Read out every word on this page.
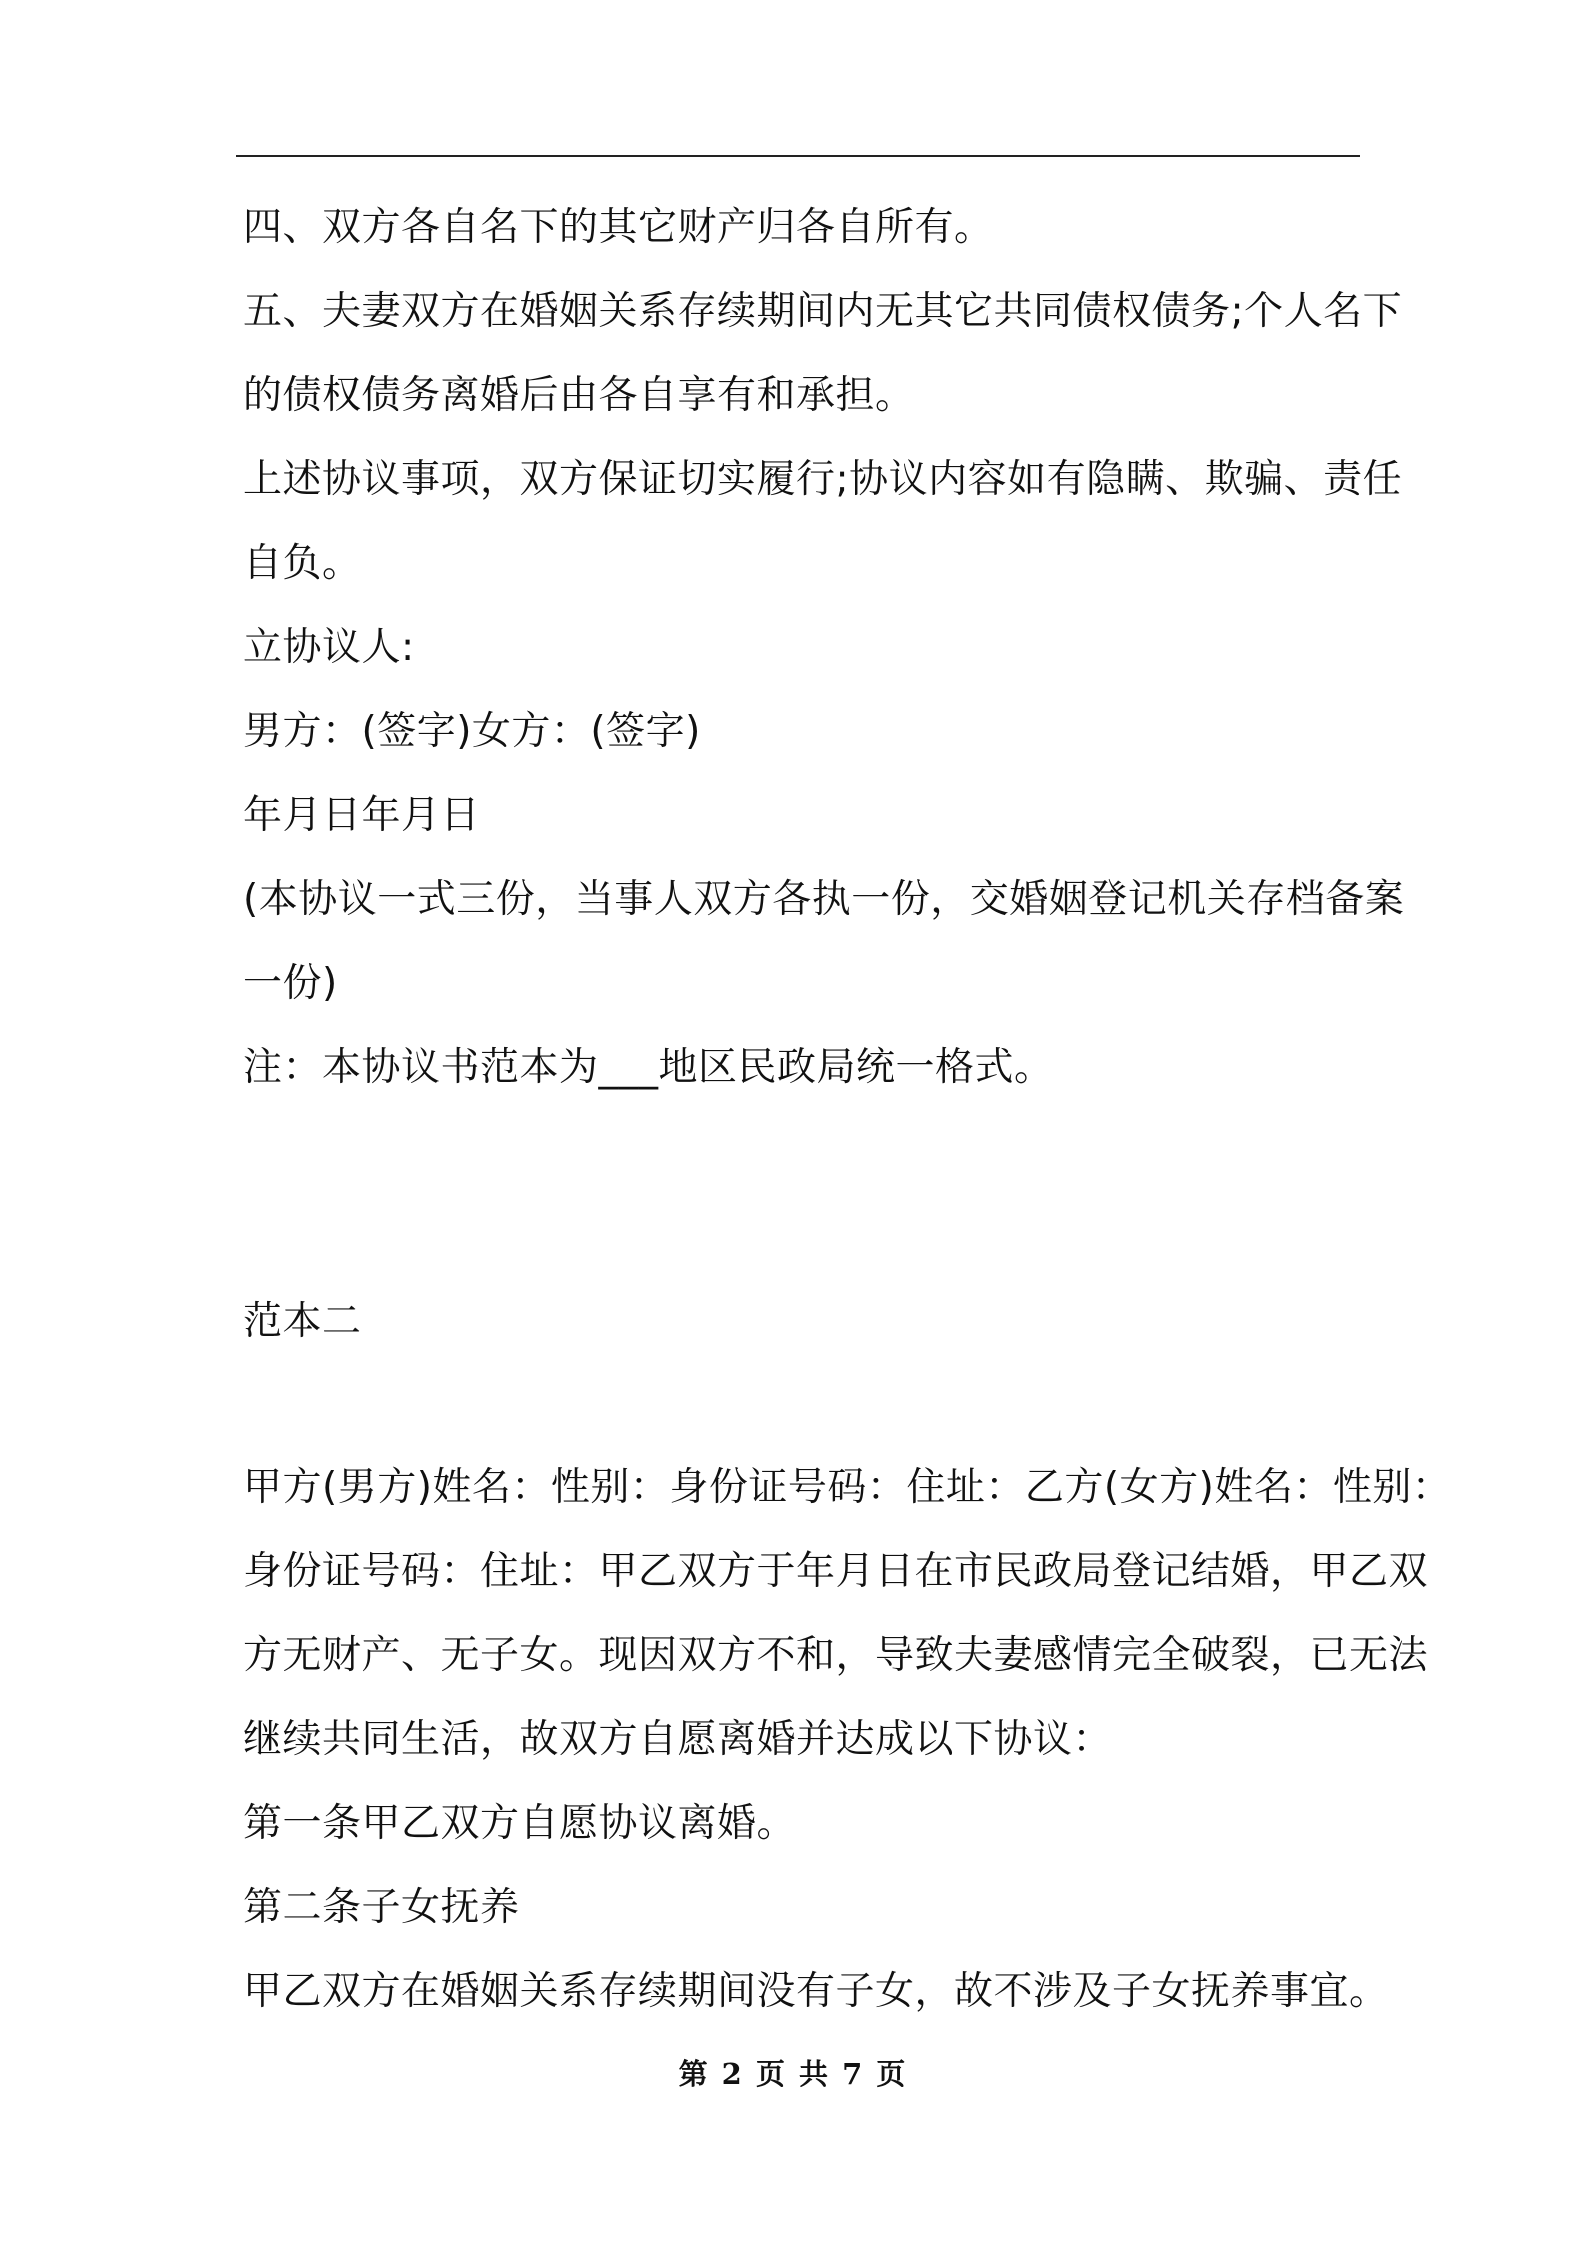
四、双方各自名下的其它财产归各自所有。
五、夫妻双方在婚姻关系存续期间内无其它共同债权债务;个人名下
的债权债务离婚后由各自享有和承担。
上述协议事项，双方保证切实履行;协议内容如有隐瞒、欺骗、责任
自负。
立协议人:
男方：(签字)女方：(签字)
年月日年月日
(本协议一式三份，当事人双方各执一份，交婚姻登记机关存档备案
一份)
注：本协议书范本为___地区民政局统一格式。
范本二
甲方(男方)姓名：性别：身份证号码：住址：乙方(女方)姓名：性别：
身份证号码：住址：甲乙双方于年月日在市民政局登记结婚，甲乙双
方无财产、无子女。现因双方不和，导致夫妻感情完全破裂，已无法
继续共同生活，故双方自愿离婚并达成以下协议：
第一条甲乙双方自愿协议离婚。
第二条子女抚养
甲乙双方在婚姻关系存续期间没有子女，故不涉及子女抚养事宜。
第 2 页 共 7 页
